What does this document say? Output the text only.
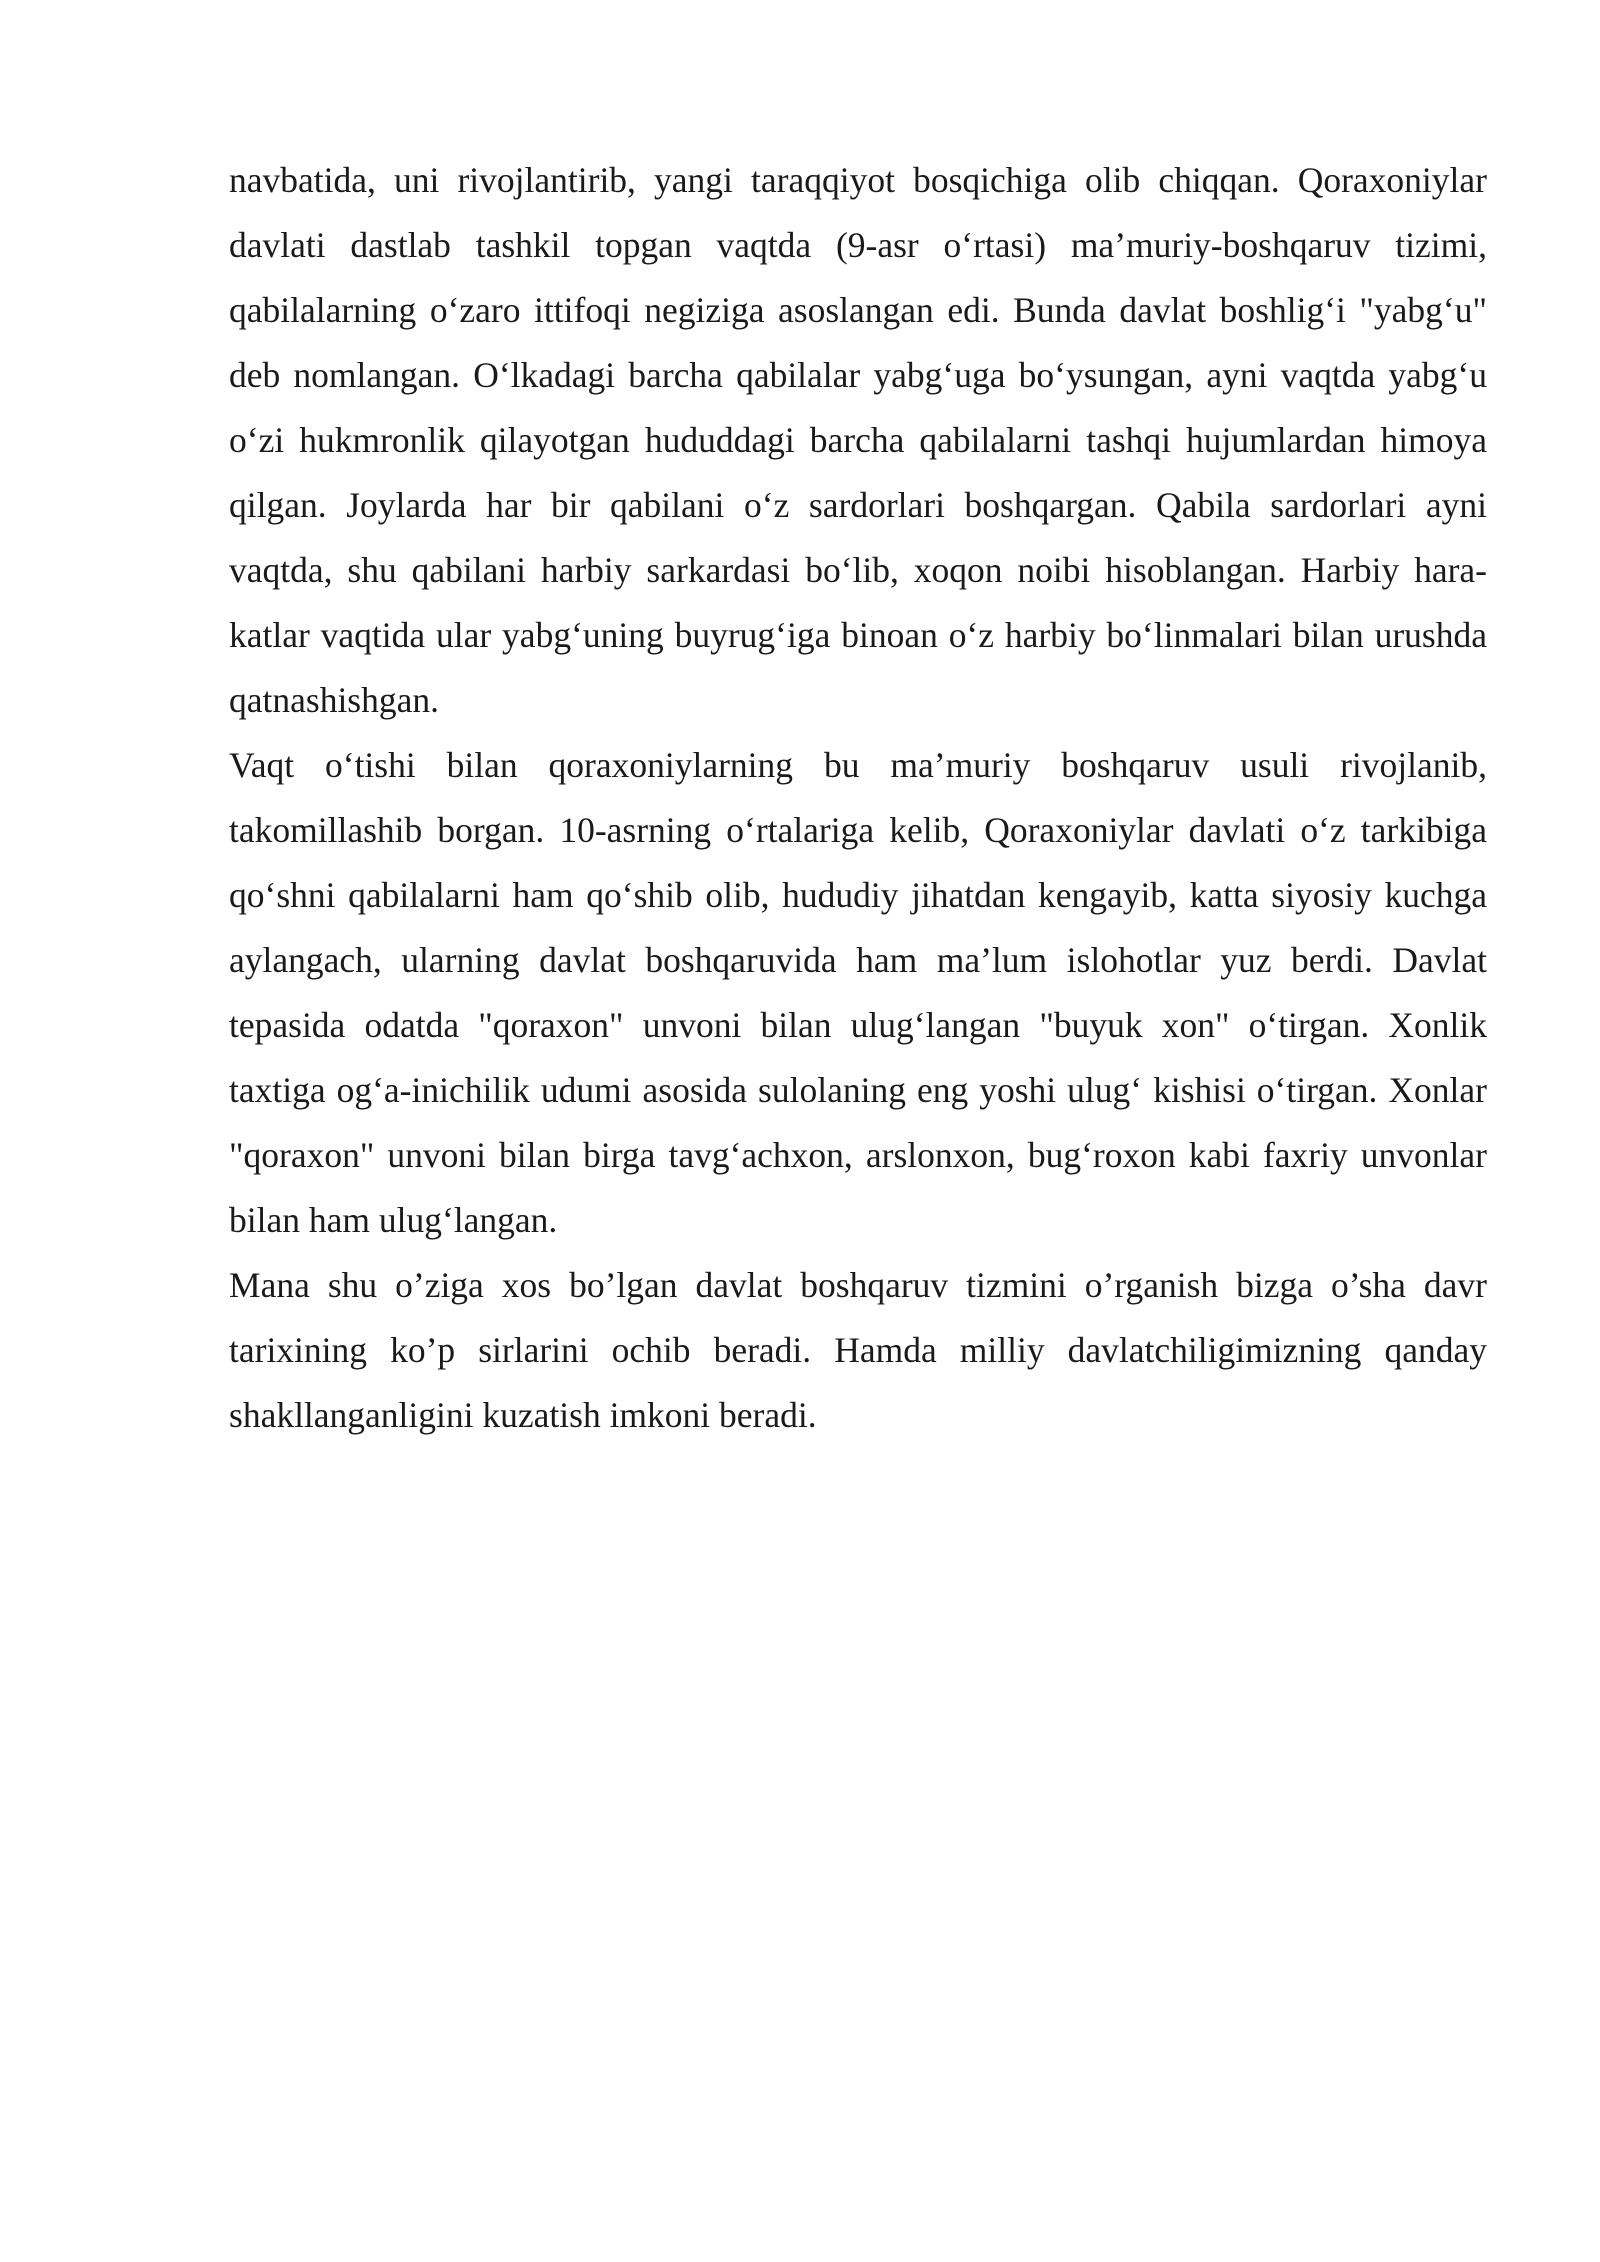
navbatida, uni rivojlantirib, yangi taraqqiyot bosqichiga olib chiqqan. Qoraxoniylar davlati dastlab tashkil topgan vaqtda (9-asr o‘rtasi) ma’muriy-boshqaruv tizimi, qabilalarning o‘zaro ittifoqi negiziga asoslangan edi. Bunda davlat boshlig‘i "yabg‘u" deb nomlangan. O‘lkadagi barcha qabilalar yabg‘uga bo‘ysungan, ayni vaqtda yabg‘u o‘zi hukmronlik qilayotgan hududdagi barcha qabilalarni tashqi hujumlardan himoya qilgan. Joylarda har bir qabilani o‘z sardorlari boshqargan. Qabila sardorlari ayni vaqtda, shu qabilani harbiy sarkardasi bo‘lib, xoqon noibi hisoblangan. Harbiy hara-katlar vaqtida ular yabg‘uning buyrug‘iga binoan o‘z harbiy bo‘linmalari bilan urushda qatnashishgan.

Vaqt o‘tishi bilan qoraxoniylarning bu ma’muriy boshqaruv usuli rivojlanib, takomillashib borgan. 10-asrning o‘rtalariga kelib, Qoraxoniylar davlati o‘z tarkibiga qo‘shni qabilalarni ham qo‘shib olib, hududiy jihatdan kengayib, katta siyosiy kuchga aylangach, ularning davlat boshqaruvida ham ma’lum islohotlar yuz berdi. Davlat tepasida odatda "qoraxon" unvoni bilan ulug‘langan "buyuk xon" o‘tirgan. Xonlik taxtiga og‘a-inichilik udumi asosida sulolaning eng yoshi ulug‘ kishisi o‘tirgan. Xonlar "qoraxon" unvoni bilan birga tavg‘achxon, arslonxon, bug‘roxon kabi faxriy unvonlar bilan ham ulug‘langan.

Mana shu o’ziga xos bo’lgan davlat boshqaruv tizmini o’rganish bizga o’sha davr tarixining ko’p sirlarini ochib beradi. Hamda milliy davlatchiligimizning qanday shakllanganligini kuzatish imkoni beradi.
